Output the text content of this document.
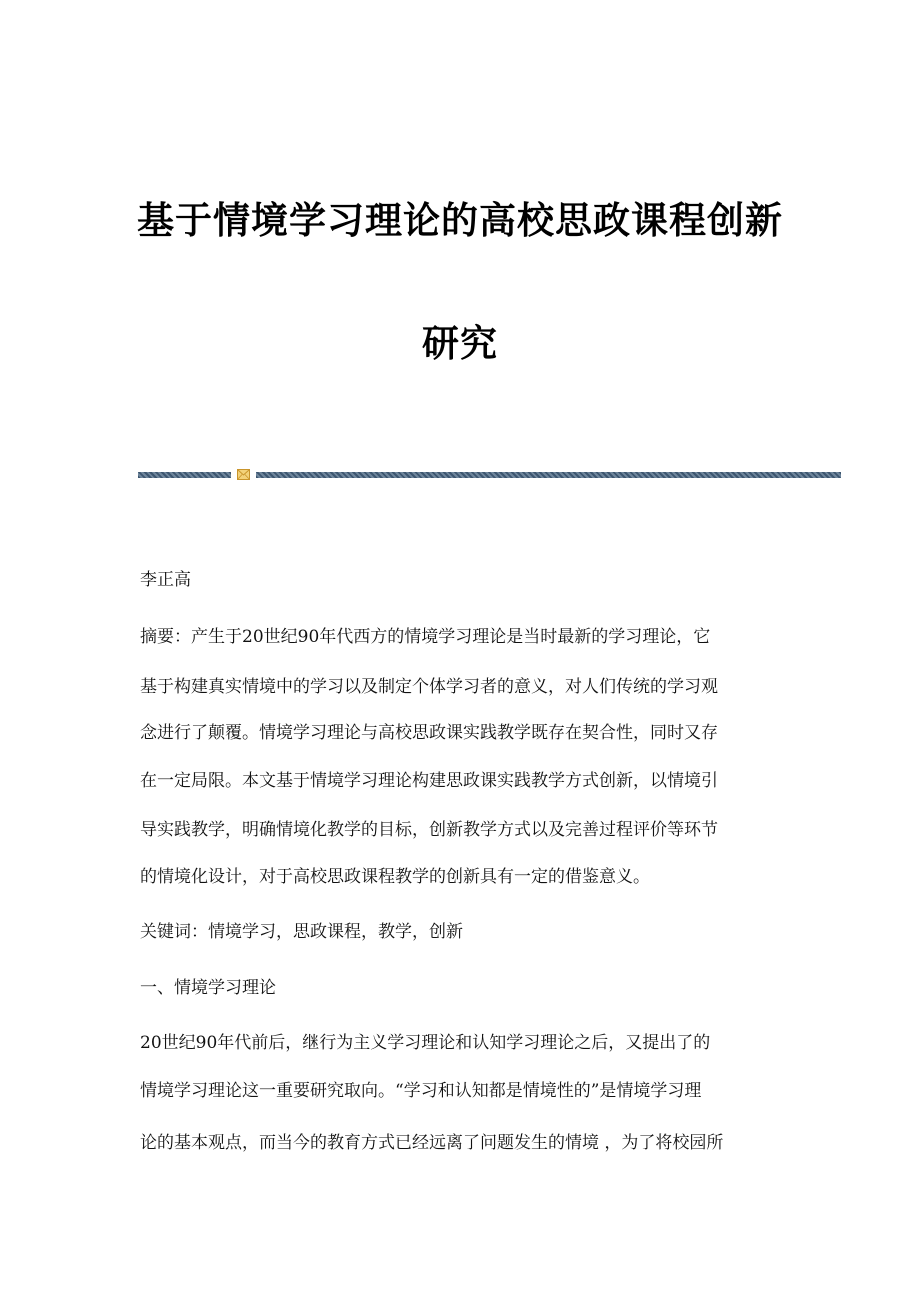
基于情境学习理论的高校思政课程创新
研究

李正高

摘要：产生于20世纪90年代西方的情境学习理论是当时最新的学习理论，它

基于构建真实情境中的学习以及制定个体学习者的意义，对人们传统的学习观

念进行了颠覆。情境学习理论与高校思政课实践教学既存在契合性，同时又存

在一定局限。本文基于情境学习理论构建思政课实践教学方式创新，以情境引

导实践教学，明确情境化教学的目标，创新教学方式以及完善过程评价等环节

的情境化设计，对于高校思政课程教学的创新具有一定的借鉴意义。

关键词：情境学习，思政课程，教学，创新

一、情境学习理论

20世纪90年代前后，继行为主义学习理论和认知学习理论之后，又提出了的

情境学习理论这一重要研究取向。“学习和认知都是情境性的”是情境学习理

论的基本观点，而当今的教育方式已经远离了问题发生的情境 ，为了将校园所
